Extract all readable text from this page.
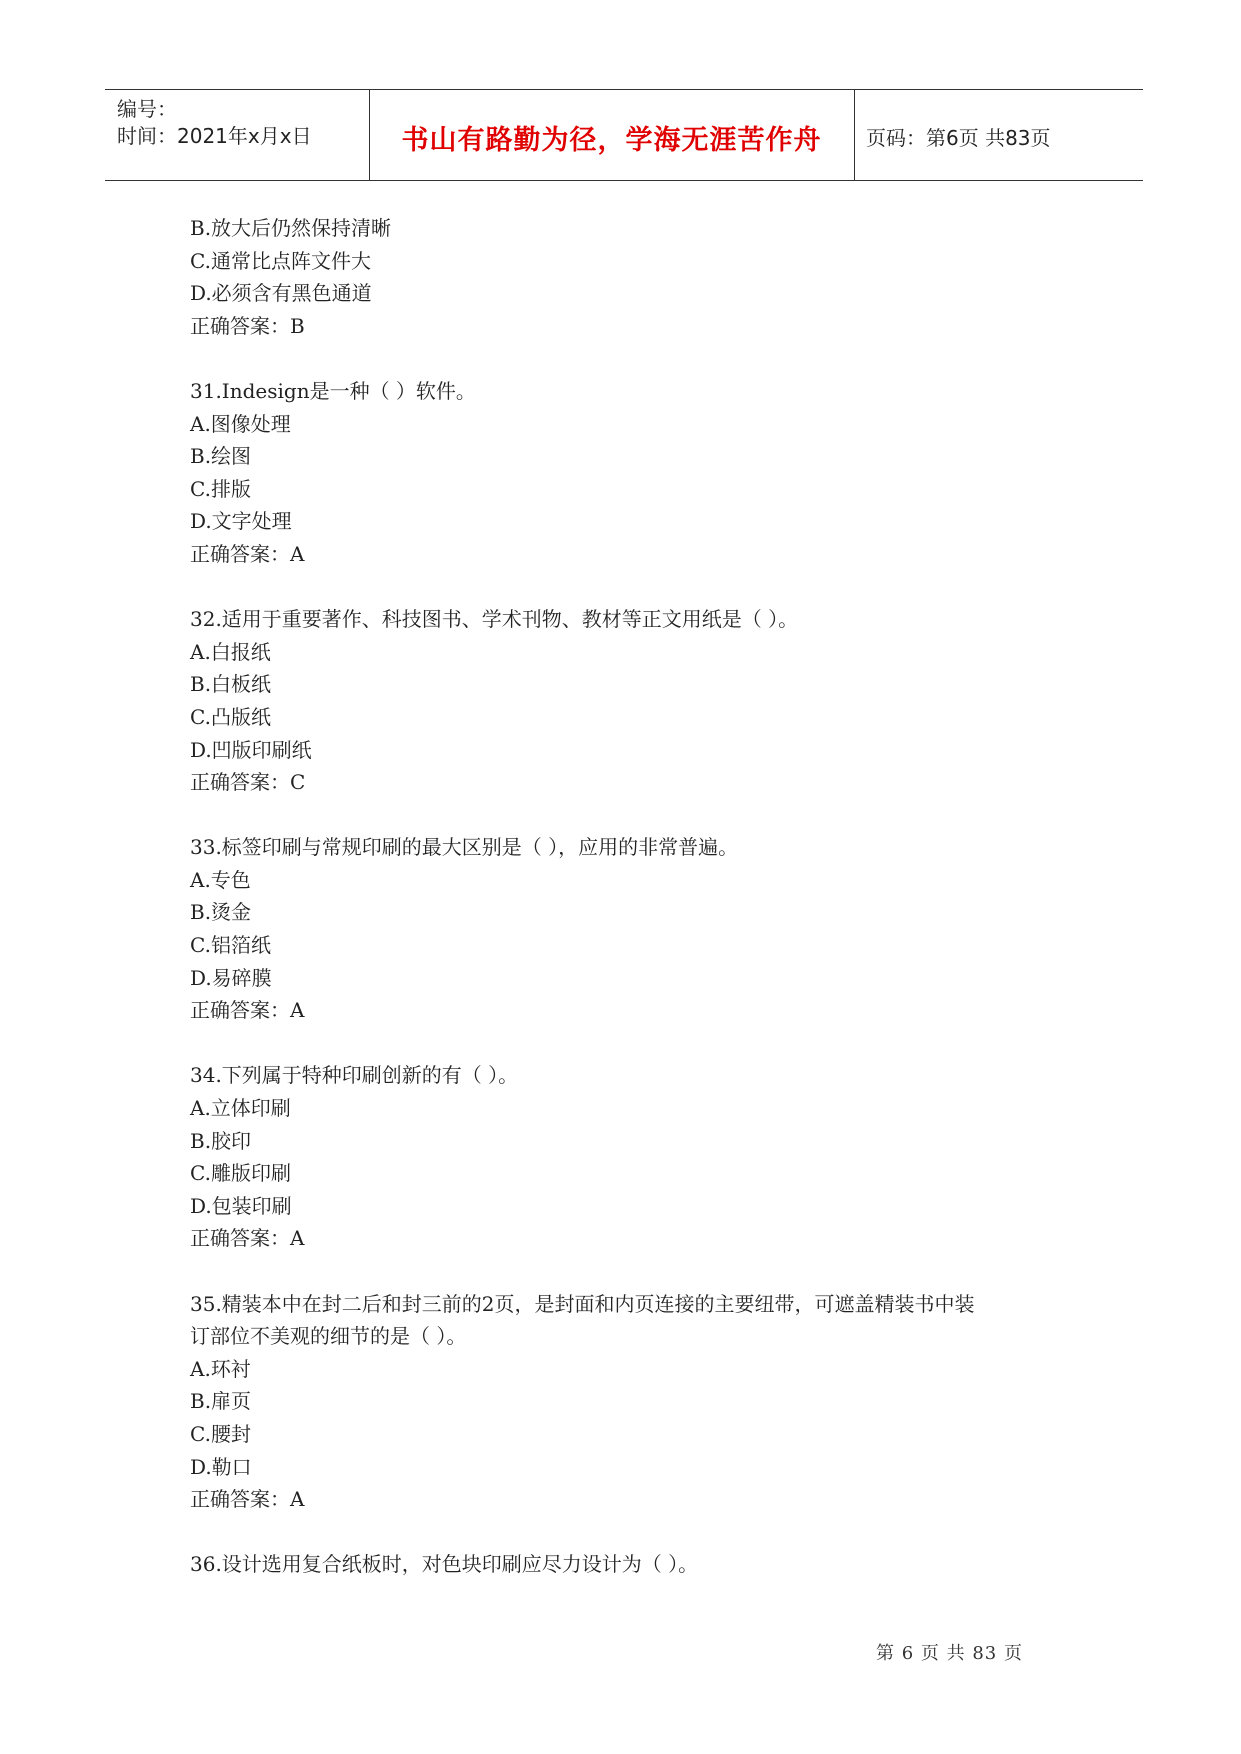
编号：
时间：2021年x月x日	书山有路勤为径，学海无涯苦作舟	页码：第6页 共83页
B.放大后仍然保持清晰
C.通常比点阵文件大
D.必须含有黑色通道
正确答案：B
31.Indesign是一种（ ）软件。
A.图像处理
B.绘图
C.排版
D.文字处理
正确答案：A
32.适用于重要著作、科技图书、学术刊物、教材等正文用纸是（ ）。
A.白报纸
B.白板纸
C.凸版纸
D.凹版印刷纸
正确答案：C
33.标签印刷与常规印刷的最大区别是（ ），应用的非常普遍。
A.专色
B.烫金
C.铝箔纸
D.易碎膜
正确答案：A
34.下列属于特种印刷创新的有（ ）。
A.立体印刷
B.胶印
C.雕版印刷
D.包装印刷
正确答案：A
35.精装本中在封二后和封三前的2页，是封面和内页连接的主要纽带，可遮盖精装书中装
订部位不美观的细节的是（ ）。
A.环衬
B.扉页
C.腰封
D.勒口
正确答案：A
36.设计选用复合纸板时，对色块印刷应尽力设计为（ ）。
第 6 页 共 83 页
